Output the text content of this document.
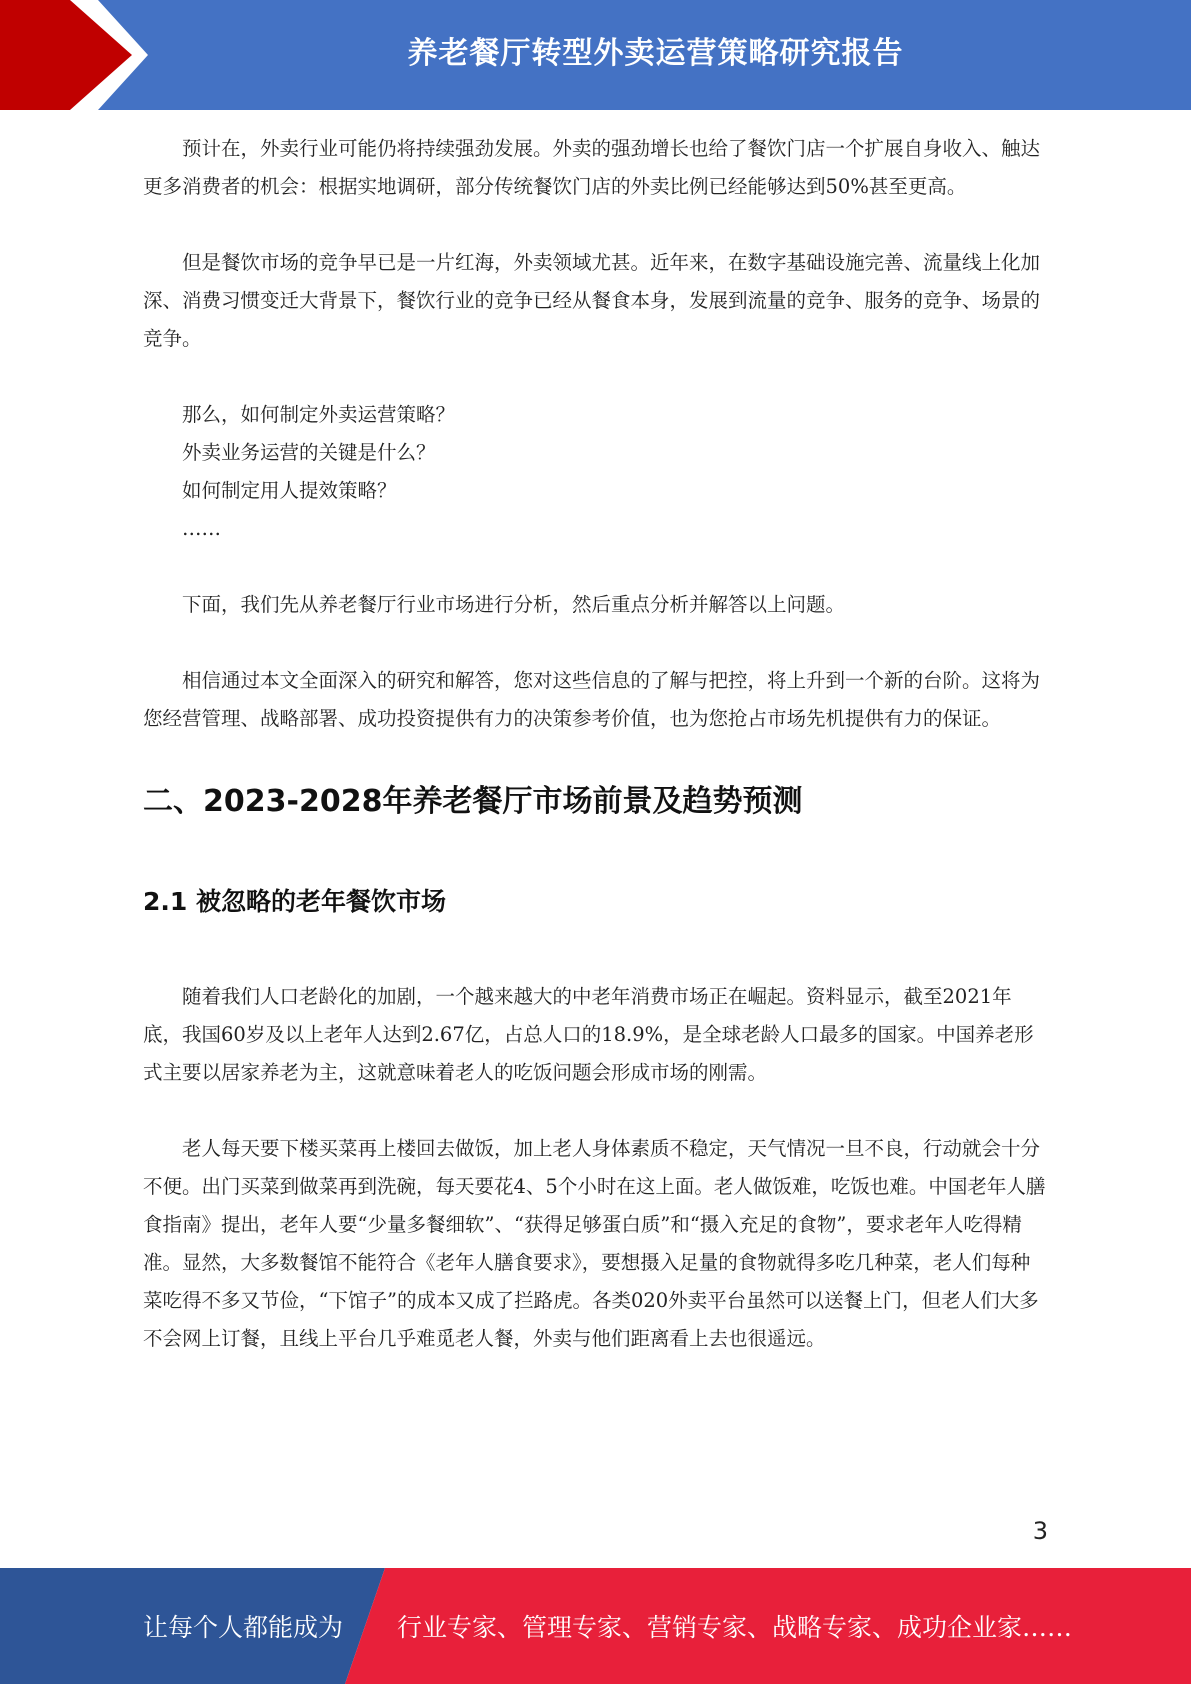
养老餐厅转型外卖运营策略研究报告

预计在，外卖行业可能仍将持续强劲发展。外卖的强劲增长也给了餐饮门店一个扩展自身收入、触达更多消费者的机会：根据实地调研，部分传统餐饮门店的外卖比例已经能够达到50%甚至更高。

但是餐饮市场的竞争早已是一片红海，外卖领域尤甚。近年来，在数字基础设施完善、流量线上化加深、消费习惯变迁大背景下，餐饮行业的竞争已经从餐食本身，发展到流量的竞争、服务的竞争、场景的竞争。

那么，如何制定外卖运营策略？

外卖业务运营的关键是什么？

如何制定用人提效策略？

……

下面，我们先从养老餐厅行业市场进行分析，然后重点分析并解答以上问题。

相信通过本文全面深入的研究和解答，您对这些信息的了解与把控，将上升到一个新的台阶。这将为您经营管理、战略部署、成功投资提供有力的决策参考价值，也为您抢占市场先机提供有力的保证。

二、2023-2028年养老餐厅市场前景及趋势预测
2.1 被忽略的老年餐饮市场

随着我们人口老龄化的加剧，一个越来越大的中老年消费市场正在崛起。资料显示，截至2021年底，我国60岁及以上老年人达到2.67亿，占总人口的18.9%，是全球老龄人口最多的国家。中国养老形式主要以居家养老为主，这就意味着老人的吃饭问题会形成市场的刚需。

老人每天要下楼买菜再上楼回去做饭，加上老人身体素质不稳定，天气情况一旦不良，行动就会十分不便。出门买菜到做菜再到洗碗，每天要花4、5个小时在这上面。老人做饭难，吃饭也难。中国老年人膳食指南》提出，老年人要“少量多餐细软”、“获得足够蛋白质”和“摄入充足的食物”，要求老年人吃得精准。显然，大多数餐馆不能符合《老年人膳食要求》，要想摄入足量的食物就得多吃几种菜，老人们每种菜吃得不多又节俭，“下馆子”的成本又成了拦路虎。各类020外卖平台虽然可以送餐上门，但老人们大多不会网上订餐，且线上平台几乎难觅老人餐，外卖与他们距离看上去也很遥远。

3
让每个人都能成为 行业专家、管理专家、营销专家、战略专家、成功企业家……
